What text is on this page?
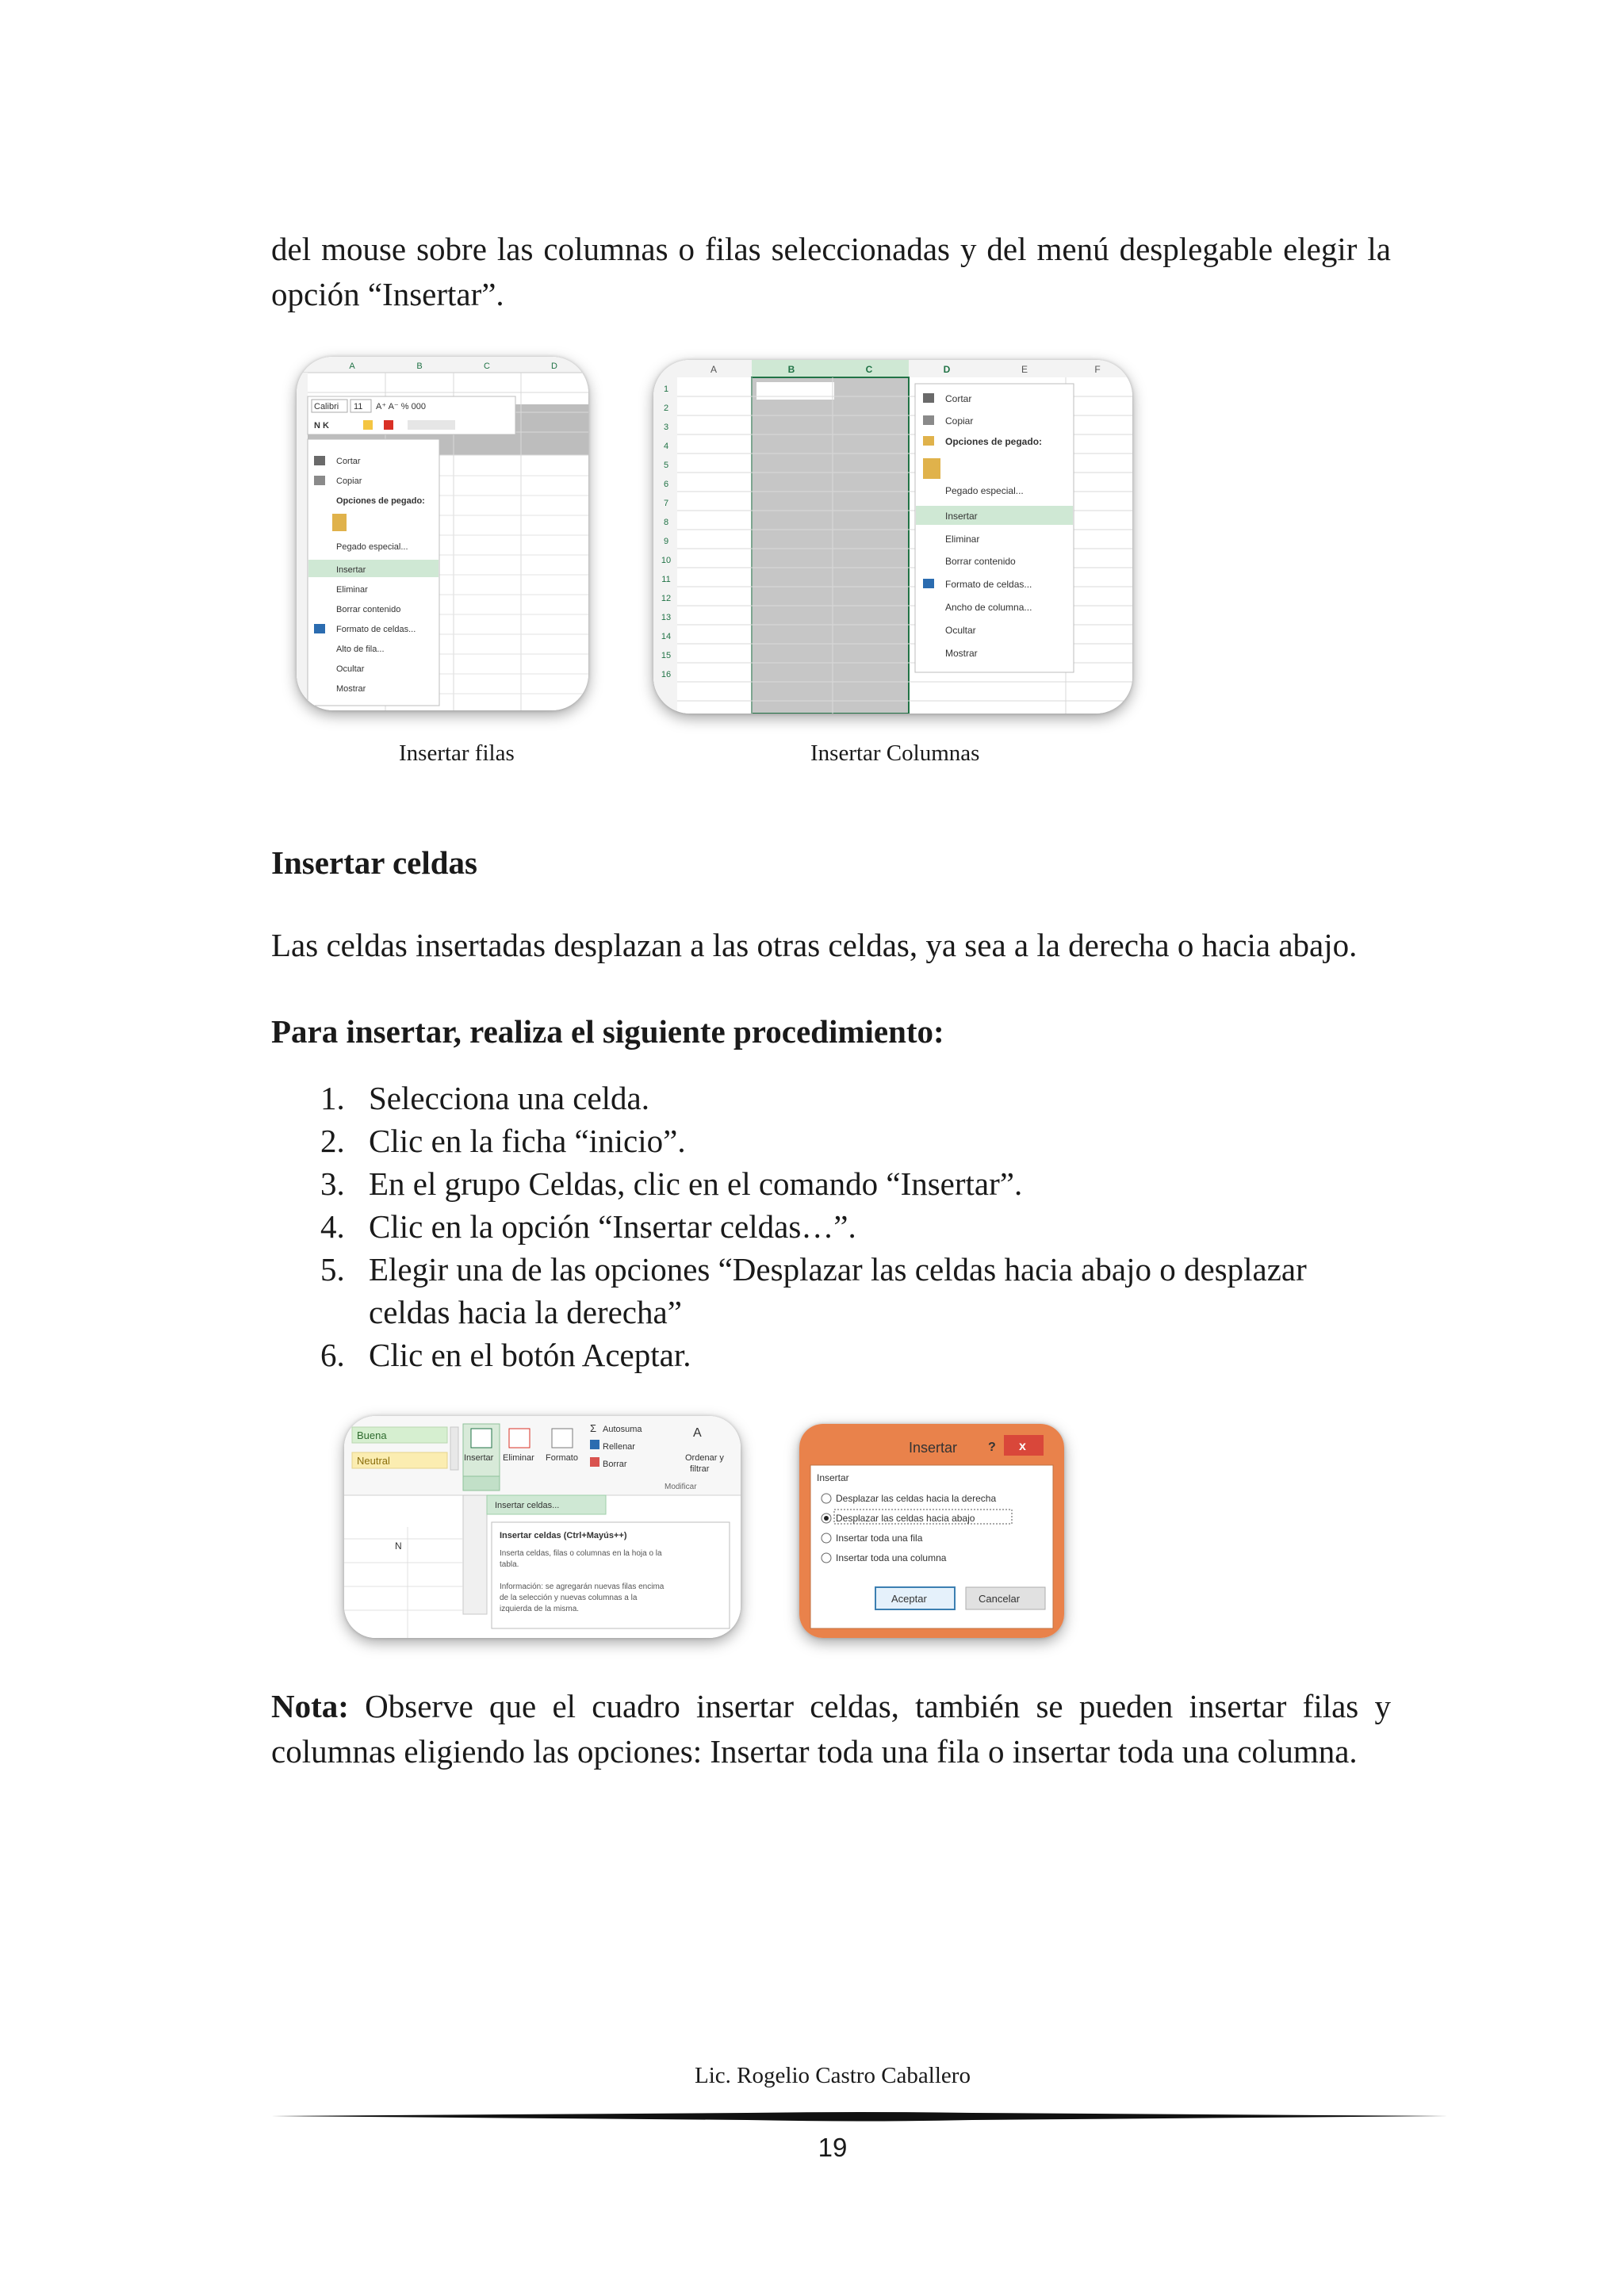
del mouse sobre las columnas o filas seleccionadas y del menú desplegable elegir la opción “Insertar”.

A	B	C	D
Calibri 11 A⁺ A⁻ % 000
N K
Cortar
Copiar
Opciones de pegado:
Pegado especial...
Insertar
Eliminar
Borrar contenido
Formato de celdas...
Alto de fila...
Ocultar
Mostrar
A	B	C	D	E	F
1
2
3
4
5
6
7
8
9
10
11
12
13
14
15
16
Cortar
Copiar
Opciones de pegado:
Pegado especial...
Insertar
Eliminar
Borrar contenido
Formato de celdas...
Ancho de columna...
Ocultar
Mostrar
Insertar filas	Insertar Columnas
Insertar celdas

Las celdas insertadas desplazan a las otras celdas, ya sea a la derecha o hacia abajo.

Para insertar, realiza el siguiente procedimiento:
1. Selecciona una celda.
2. Clic en la ficha “inicio”.
3. En el grupo Celdas, clic en el comando “Insertar”.
4. Clic en la opción “Insertar celdas…”.
5. Elegir una de las opciones “Desplazar las celdas hacia abajo o desplazar celdas hacia la derecha”
6. Clic en el botón Aceptar.
Buena
Neutral	Insertar Eliminar Formato
Σ Autosuma
Rellenar
Borrar
A
Ordenar y
filtrar
Modificar
Insertar celdas...
Insertar celdas (Ctrl+Mayús++)
Inserta celdas, filas o columnas en la hoja o la
tabla.
Información: se agregarán nuevas filas encima
de la selección y nuevas columnas a la
izquierda de la misma.
N
Insertar ? x
Insertar
Desplazar las celdas hacia la derecha
Desplazar las celdas hacia abajo
Insertar toda una fila
Insertar toda una columna
Aceptar	Cancelar

Nota: Observe que el cuadro insertar celdas, también se pueden insertar filas y columnas eligiendo las opciones: Insertar toda una fila o insertar toda una columna.

Lic. Rogelio Castro Caballero
19
